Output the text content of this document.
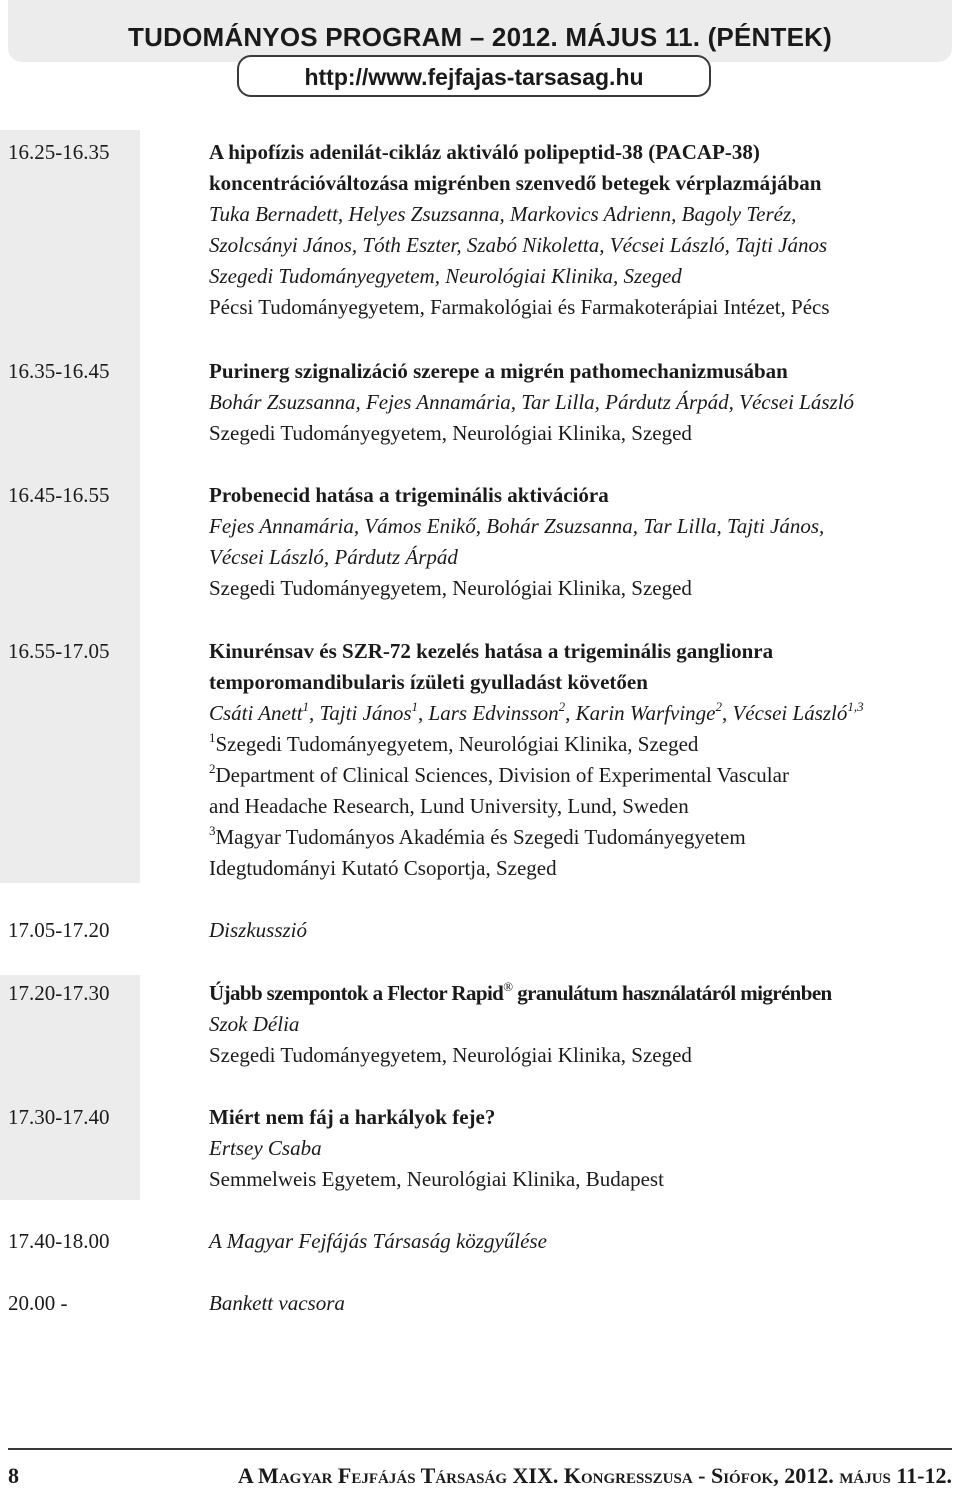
TUDOMÁNYOS PROGRAM – 2012. MÁJUS 11. (PÉNTEK)
http://www.fejfajas-tarsasag.hu
16.25-16.35	A hipofízis adenilát-cikláz aktiváló polipeptid-38 (PACAP-38)
koncentrációváltozása migrénben szenvedő betegek vérplazmájában
Tuka Bernadett, Helyes Zsuzsanna, Markovics Adrienn, Bagoly Teréz,
Szolcsányi János, Tóth Eszter, Szabó Nikoletta, Vécsei László, Tajti János
Szegedi Tudományegyetem, Neurológiai Klinika, Szeged
Pécsi Tudományegyetem, Farmakológiai és Farmakoterápiai Intézet, Pécs
16.35-16.45	Purinerg szignalizáció szerepe a migrén pathomechanizmusában
Bohár Zsuzsanna, Fejes Annamária, Tar Lilla, Párdutz Árpád, Vécsei László
Szegedi Tudományegyetem, Neurológiai Klinika, Szeged
16.45-16.55	Probenecid hatása a trigeminális aktivációra
Fejes Annamária, Vámos Enikő, Bohár Zsuzsanna, Tar Lilla, Tajti János,
Vécsei László, Párdutz Árpád
Szegedi Tudományegyetem, Neurológiai Klinika, Szeged
16.55-17.05	Kinurénsav és SZR-72 kezelés hatása a trigeminális ganglionra
temporomandibularis ízületi gyulladást követően
Csáti Anett$^1$, Tajti János$^1$, Lars Edvinsson$^2$, Karin Warfvinge$^2$, Vécsei László$^{1,3}$
$^1$Szegedi Tudományegyetem, Neurológiai Klinika, Szeged
$^2$Department of Clinical Sciences, Division of Experimental Vascular
and Headache Research, Lund University, Lund, Sweden
$^3$Magyar Tudományos Akadémia és Szegedi Tudományegyetem
Idegtudományi Kutató Csoportja, Szeged
17.05-17.20	Diszkusszió
17.20-17.30	Újabb szempontok a Flector Rapid® granulátum használatáról migrénben
Szok Délia
Szegedi Tudományegyetem, Neurológiai Klinika, Szeged
17.30-17.40	Miért nem fáj a harkályok feje?
Ertsey Csaba
Semmelweis Egyetem, Neurológiai Klinika, Budapest
17.40-18.00	A Magyar Fejfájás Társaság közgyűlése
20.00 -	Bankett vacsora
8	A Magyar Fejfájás Társaság XIX. Kongresszusa - Siófok, 2012. május 11-12.
